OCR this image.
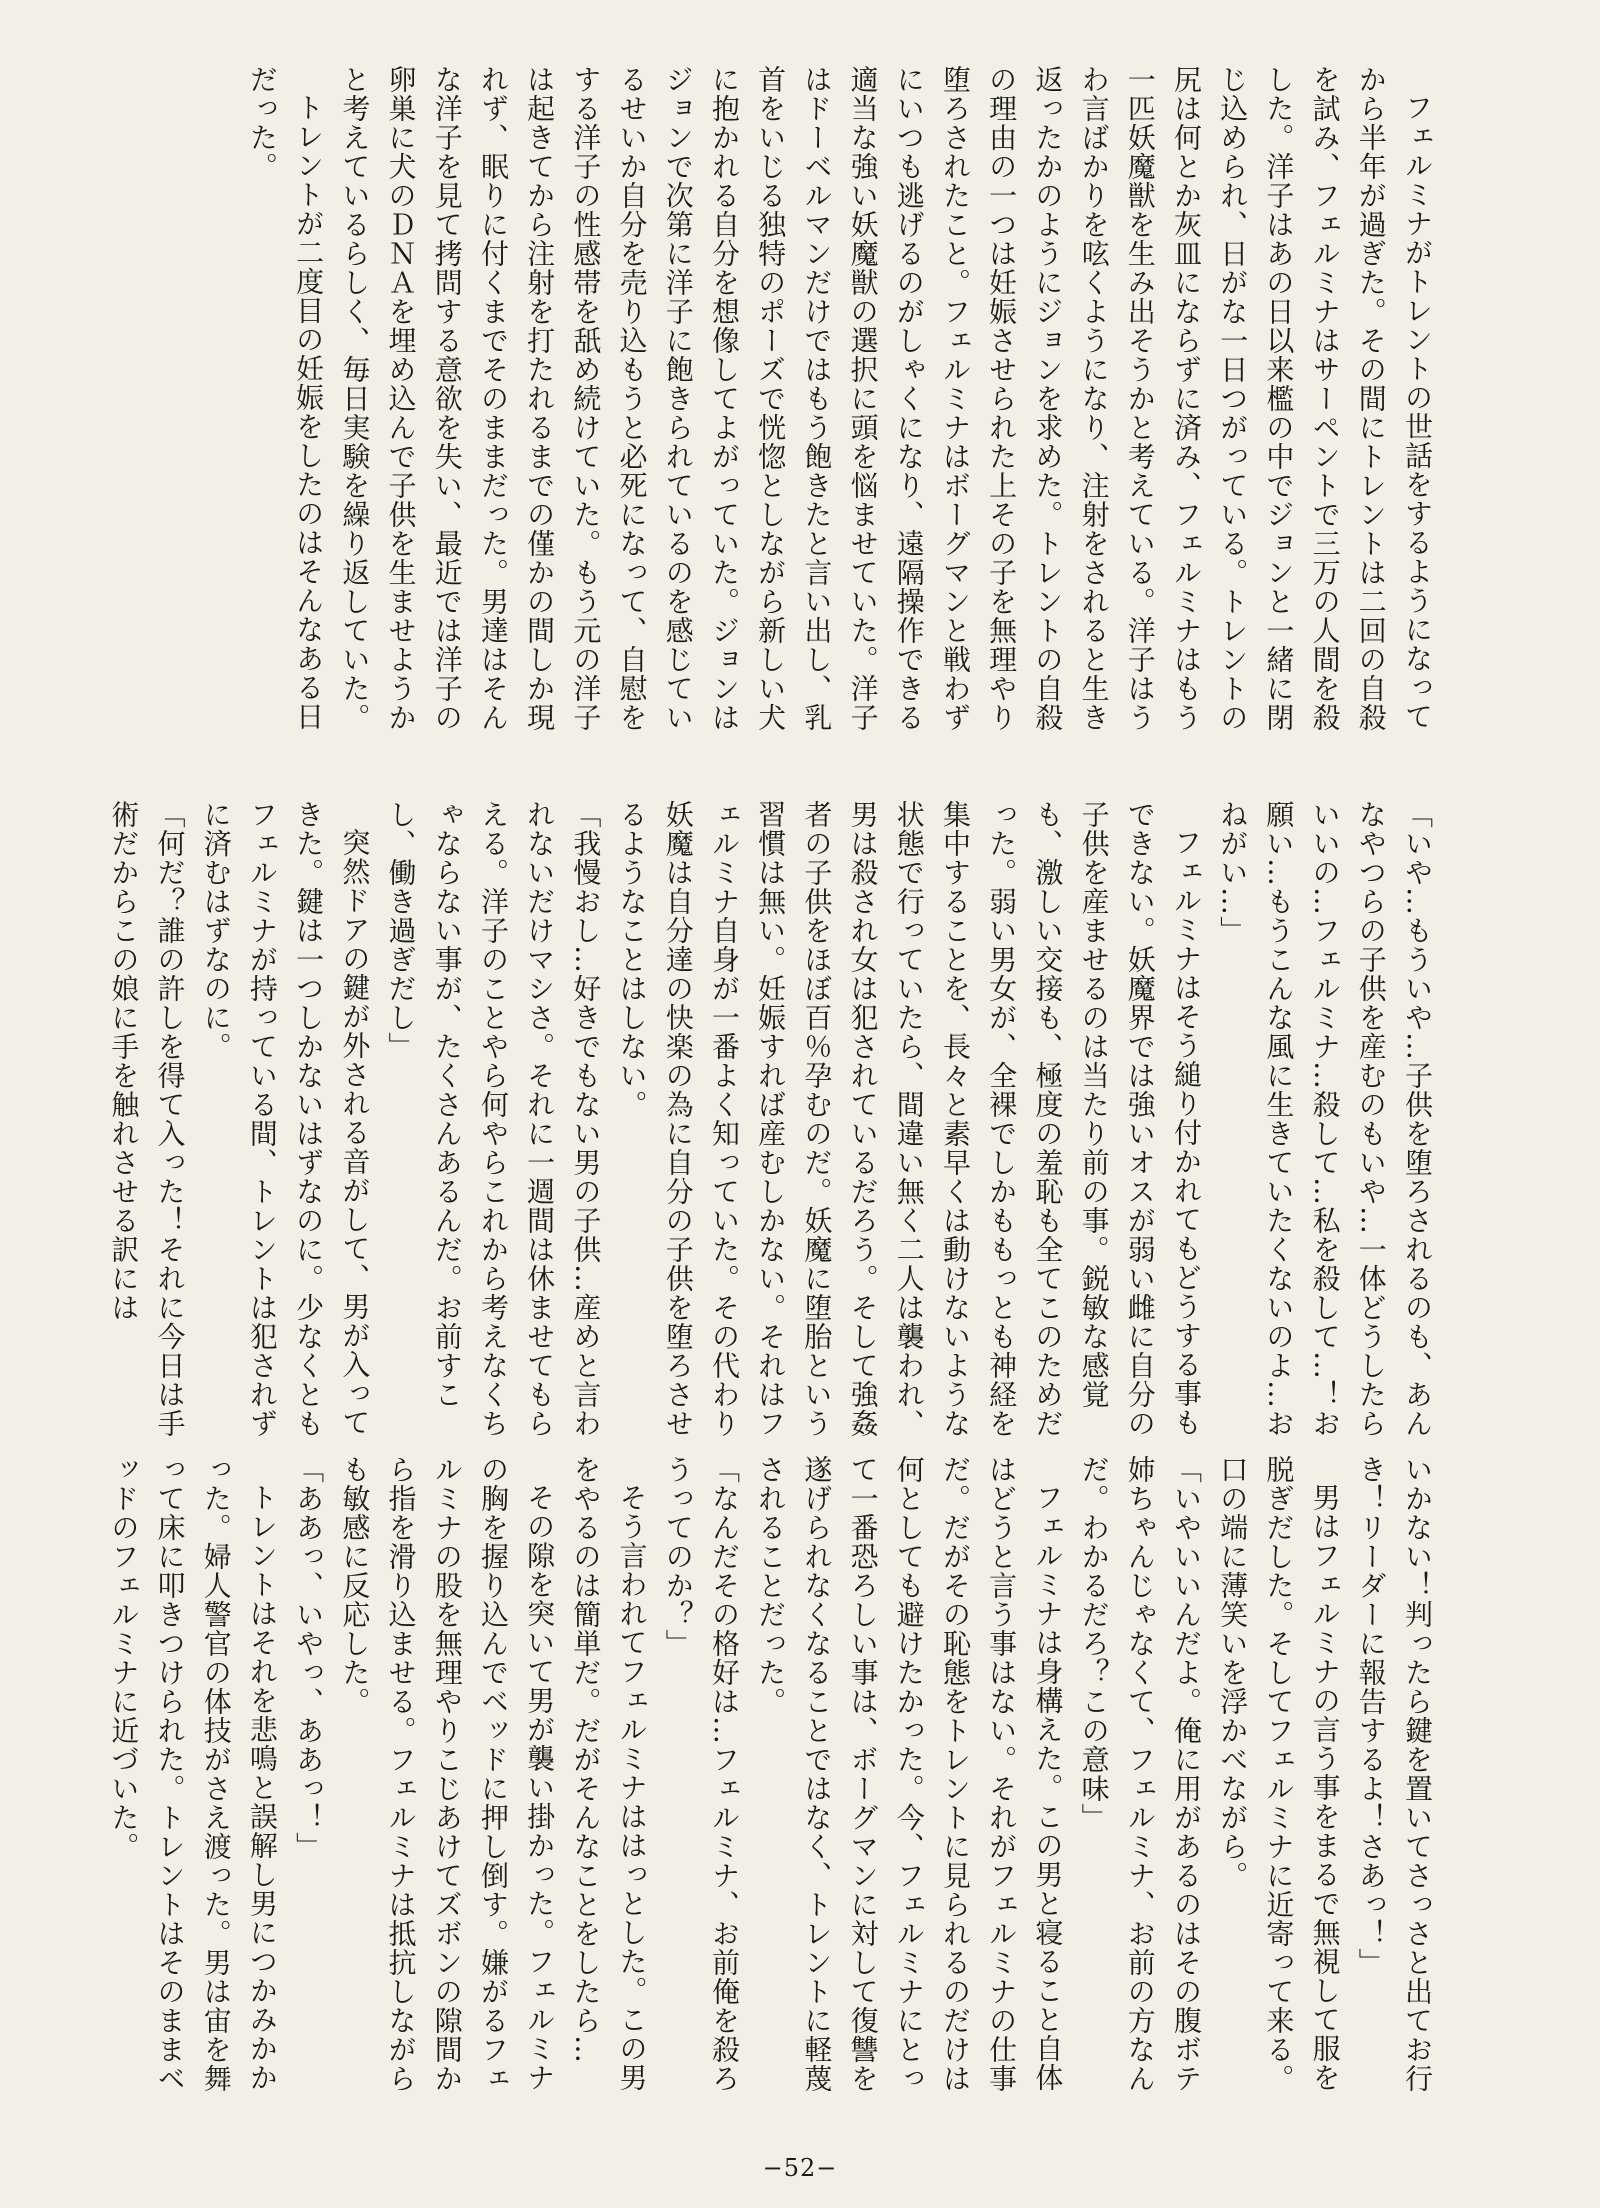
フェルミナがトレントの世話をするようになってから半年が過ぎた。その間にトレントは二回の自殺を試み、フェルミナはサーペントで三万の人間を殺した。洋子はあの日以来檻の中でジョンと一緒に閉じ込められ、日がな一日つがっている。トレントの尻は何とか灰皿にならずに済み、フェルミナはもう一匹妖魔獣を生み出そうかと考えている。洋子はうわ言ばかりを呟くようになり、注射をされると生き返ったかのようにジョンを求めた。トレントの自殺の理由の一つは妊娠させられた上その子を無理やり堕ろされたこと。フェルミナはボーグマンと戦わずにいつも逃げるのがしゃくになり、遠隔操作できる適当な強い妖魔獣の選択に頭を悩ませていた。洋子はドーベルマンだけではもう飽きたと言い出し、乳首をいじる独特のポーズで恍惚としながら新しい犬に抱かれる自分を想像してよがっていた。ジョンはジョンで次第に洋子に飽きられているのを感じているせいか自分を売り込もうと必死になって、自慰をする洋子の性感帯を舐め続けていた。もう元の洋子は起きてから注射を打たれるまでの僅かの間しか現れず、眠りに付くまでそのままだった。男達はそんな洋子を見て拷問する意欲を失い、最近では洋子の卵巣に犬のＤＮＡを埋め込んで子供を生ませようかと考えているらしく、毎日実験を繰り返していた。

トレントが二度目の妊娠をしたのはそんなある日だった。

「いや…もういや…子供を堕ろされるのも、あんなやつらの子供を産むのもいや…一体どうしたらいいの…フェルミナ…殺して…私を殺して…！お願い…もうこんな風に生きていたくないのよ…おねがい…」

フェルミナはそう縋り付かれてもどうする事もできない。妖魔界では強いオスが弱い雌に自分の子供を産ませるのは当たり前の事。鋭敏な感覚も、激しい交接も、極度の羞恥も全てこのためだった。弱い男女が、全裸でしかももっとも神経を集中することを、長々と素早くは動けないような状態で行っていたら、間違い無く二人は襲われ、男は殺され女は犯されているだろう。そして強姦者の子供をほぼ百％孕むのだ。妖魔に堕胎という習慣は無い。妊娠すれば産むしかない。それはフェルミナ自身が一番よく知っていた。その代わり妖魔は自分達の快楽の為に自分の子供を堕ろさせるようなことはしない。

「我慢おし…好きでもない男の子供…産めと言われないだけマシさ。それに一週間は休ませてもらえる。洋子のことやら何やらこれから考えなくちゃならない事が、たくさんあるんだ。お前すこし、働き過ぎだし」

突然ドアの鍵が外される音がして、男が入ってきた。鍵は一つしかないはずなのに。少なくともフェルミナが持っている間、トレントは犯されずに済むはずなのに。

「何だ？誰の許しを得て入った！それに今日は手術だからこの娘に手を触れさせる訳には

いかない！判ったら鍵を置いてさっさと出てお行き！リーダーに報告するよ！さあっ！」

男はフェルミナの言う事をまるで無視して服を脱ぎだした。そしてフェルミナに近寄って来る。口の端に薄笑いを浮かべながら。

「いやいいんだよ。俺に用があるのはその腹ボテ姉ちゃんじゃなくて、フェルミナ、お前の方なんだ。わかるだろ？この意味」

フェルミナは身構えた。この男と寝ること自体はどうと言う事はない。それがフェルミナの仕事だ。だがその恥態をトレントに見られるのだけは何としても避けたかった。今、フェルミナにとって一番恐ろしい事は、ボーグマンに対して復讐を遂げられなくなることではなく、トレントに軽蔑されることだった。

「なんだその格好は…フェルミナ、お前俺を殺ろうってのか？」

そう言われてフェルミナははっとした。この男をやるのは簡単だ。だがそんなことをしたら…

その隙を突いて男が襲い掛かった。フェルミナの胸を握り込んでベッドに押し倒す。嫌がるフェルミナの股を無理やりこじあけてズボンの隙間から指を滑り込ませる。フェルミナは抵抗しながらも敏感に反応した。

「ああっ、いやっ、ああっ！」

トレントはそれを悲鳴と誤解し男につかみかかった。婦人警官の体技がさえ渡った。男は宙を舞って床に叩きつけられた。トレントはそのままベッドのフェルミナに近づいた。

−52−
